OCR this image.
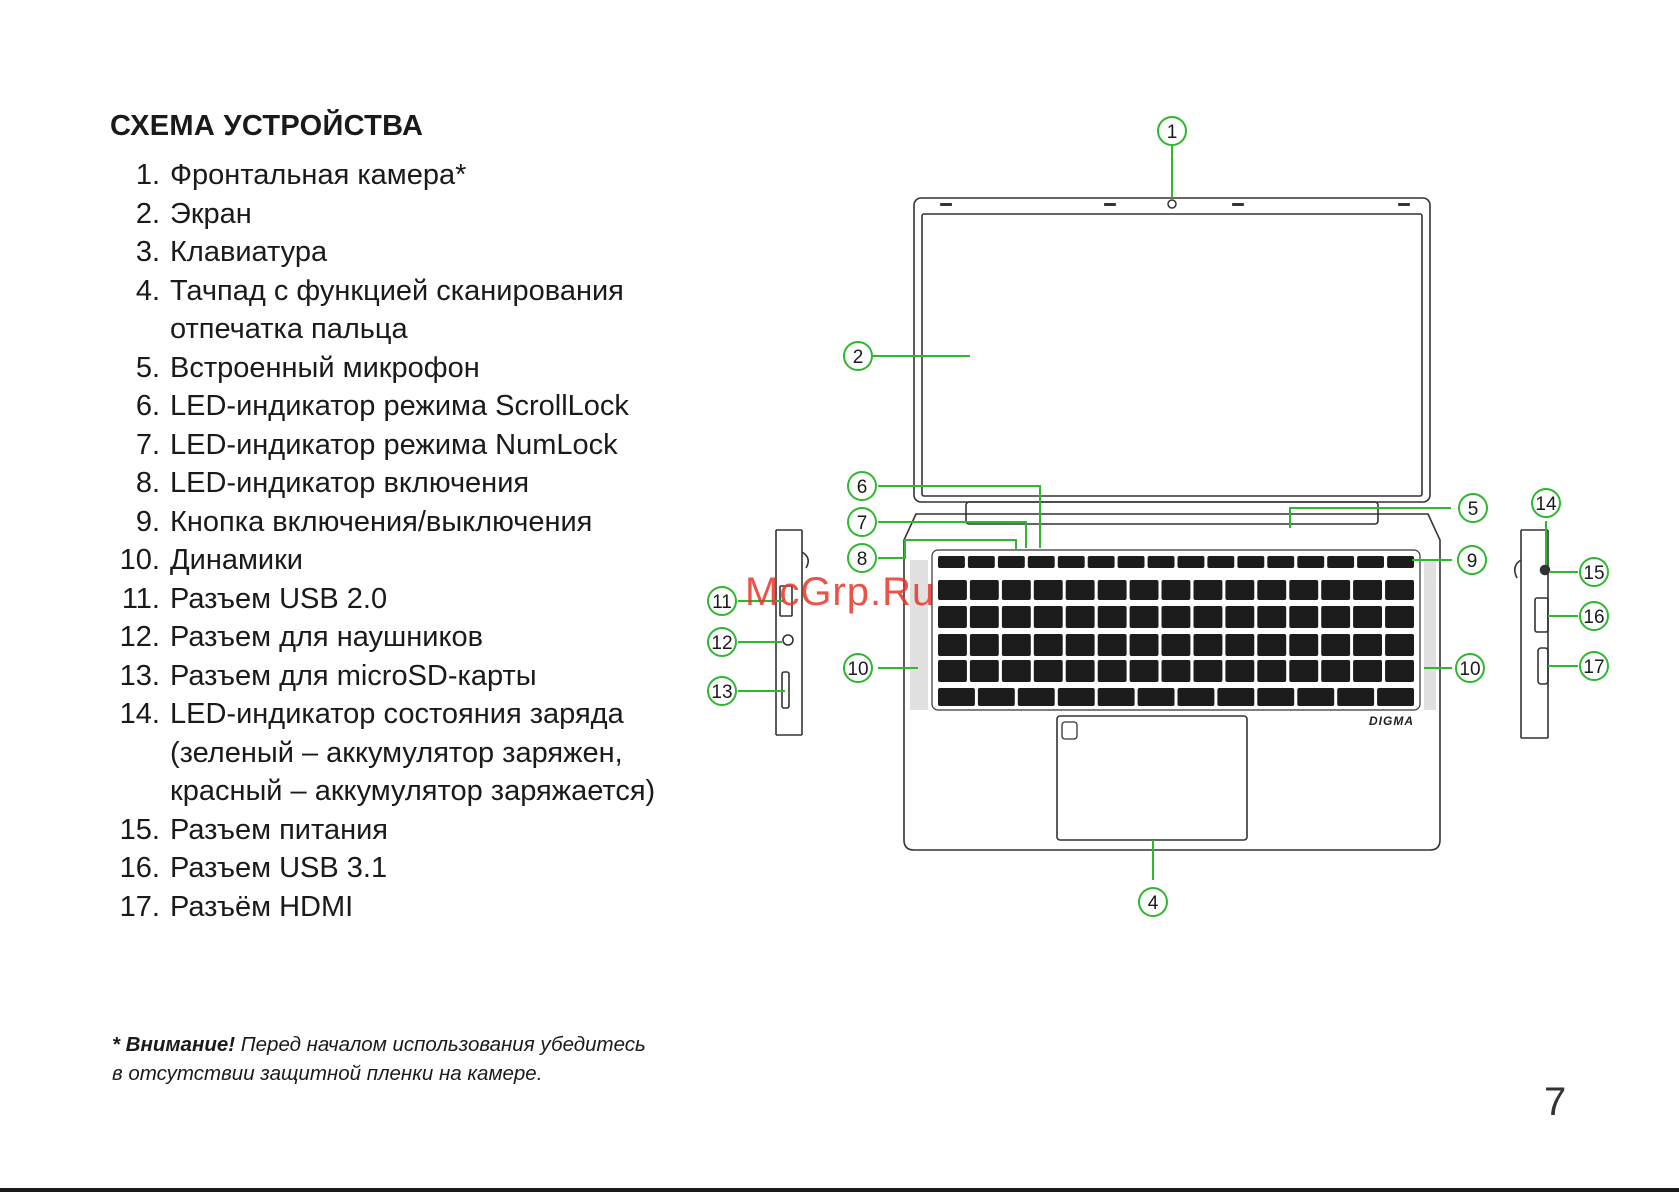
СХЕМА УСТРОЙСТВА
1. Фронтальная камера*
2. Экран
3. Клавиатура
4. Тачпад с функцией сканирования
отпечатка пальца
5. Встроенный микрофон
6. LED-индикатор режима ScrollLock
7. LED-индикатор режима NumLock
8. LED-индикатор включения
9. Кнопка включения/выключения
10. Динамики
11. Разъем USB 2.0
12. Разъем для наушников
13. Разъем для microSD-карты
14. LED-индикатор состояния заряда
(зеленый – аккумулятор заряжен,
красный – аккумулятор заряжается)
15. Разъем питания
16. Разъем USB 3.1
17. Разъём HDMI
* Внимание! Перед началом использования убедитесь
в отсутствии защитной пленки на камере.
7
DIGMA
1
2
4
5
6
7
8	9
10	10
11
12
13
14
15
16
17
McGrp.Ru
